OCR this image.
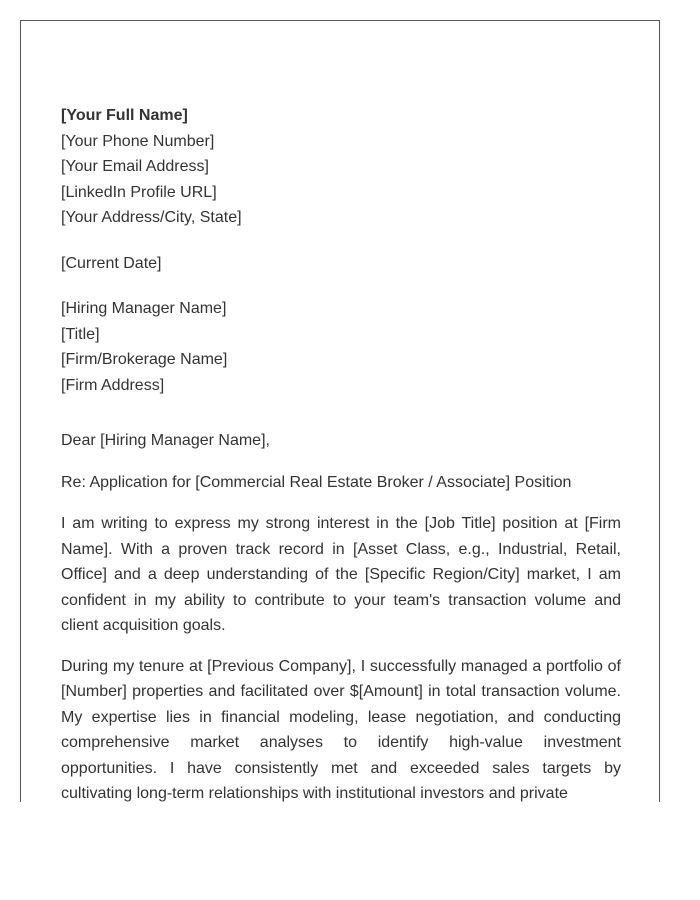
[Your Full Name]
[Your Phone Number]
[Your Email Address]
[LinkedIn Profile URL]
[Your Address/City, State]
[Current Date]
[Hiring Manager Name]
[Title]
[Firm/Brokerage Name]
[Firm Address]
Dear [Hiring Manager Name],
Re: Application for [Commercial Real Estate Broker / Associate] Position
I am writing to express my strong interest in the [Job Title] position at [Firm Name]. With a proven track record in [Asset Class, e.g., Industrial, Retail, Office] and a deep understanding of the [Specific Region/City] market, I am confident in my ability to contribute to your team's transaction volume and client acquisition goals.
During my tenure at [Previous Company], I successfully managed a portfolio of [Number] properties and facilitated over $[Amount] in total transaction volume. My expertise lies in financial modeling, lease negotiation, and conducting comprehensive market analyses to identify high-value investment opportunities. I have consistently met and exceeded sales targets by cultivating long-term relationships with institutional investors and private
